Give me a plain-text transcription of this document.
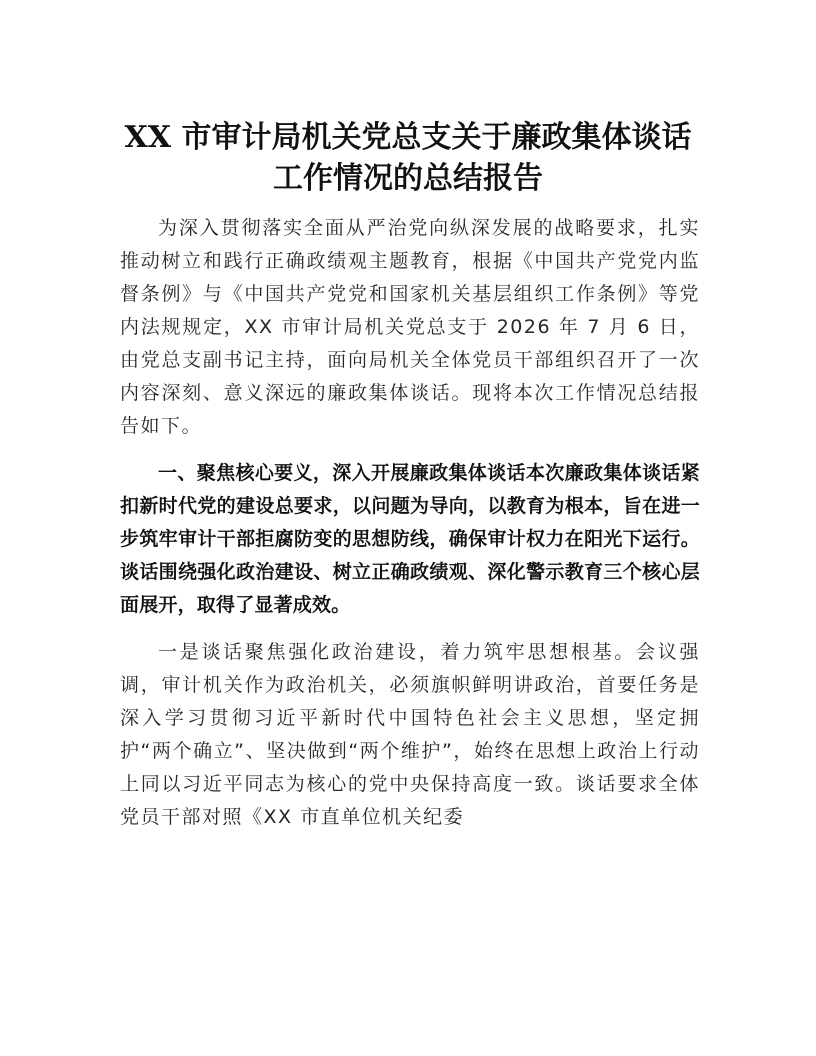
XX 市审计局机关党总支关于廉政集体谈话
工作情况的总结报告

为深入贯彻落实全面从严治党向纵深发展的战略要求，扎实推动树立和践行正确政绩观主题教育，根据《中国共产党党内监督条例》与《中国共产党党和国家机关基层组织工作条例》等党内法规规定，XX 市审计局机关党总支于 2026 年 7 月 6 日，由党总支副书记主持，面向局机关全体党员干部组织召开了一次内容深刻、意义深远的廉政集体谈话。现将本次工作情况总结报告如下。

一、聚焦核心要义，深入开展廉政集体谈话本次廉政集体谈话紧扣新时代党的建设总要求，以问题为导向，以教育为根本，旨在进一步筑牢审计干部拒腐防变的思想防线，确保审计权力在阳光下运行。谈话围绕强化政治建设、树立正确政绩观、深化警示教育三个核心层面展开，取得了显著成效。

一是谈话聚焦强化政治建设，着力筑牢思想根基。会议强调，审计机关作为政治机关，必须旗帜鲜明讲政治，首要任务是深入学习贯彻习近平新时代中国特色社会主义思想，坚定拥护“两个确立”、坚决做到“两个维护”，始终在思想上政治上行动上同以习近平同志为核心的党中央保持高度一致。谈话要求全体党员干部对照《XX 市直单位机关纪委
